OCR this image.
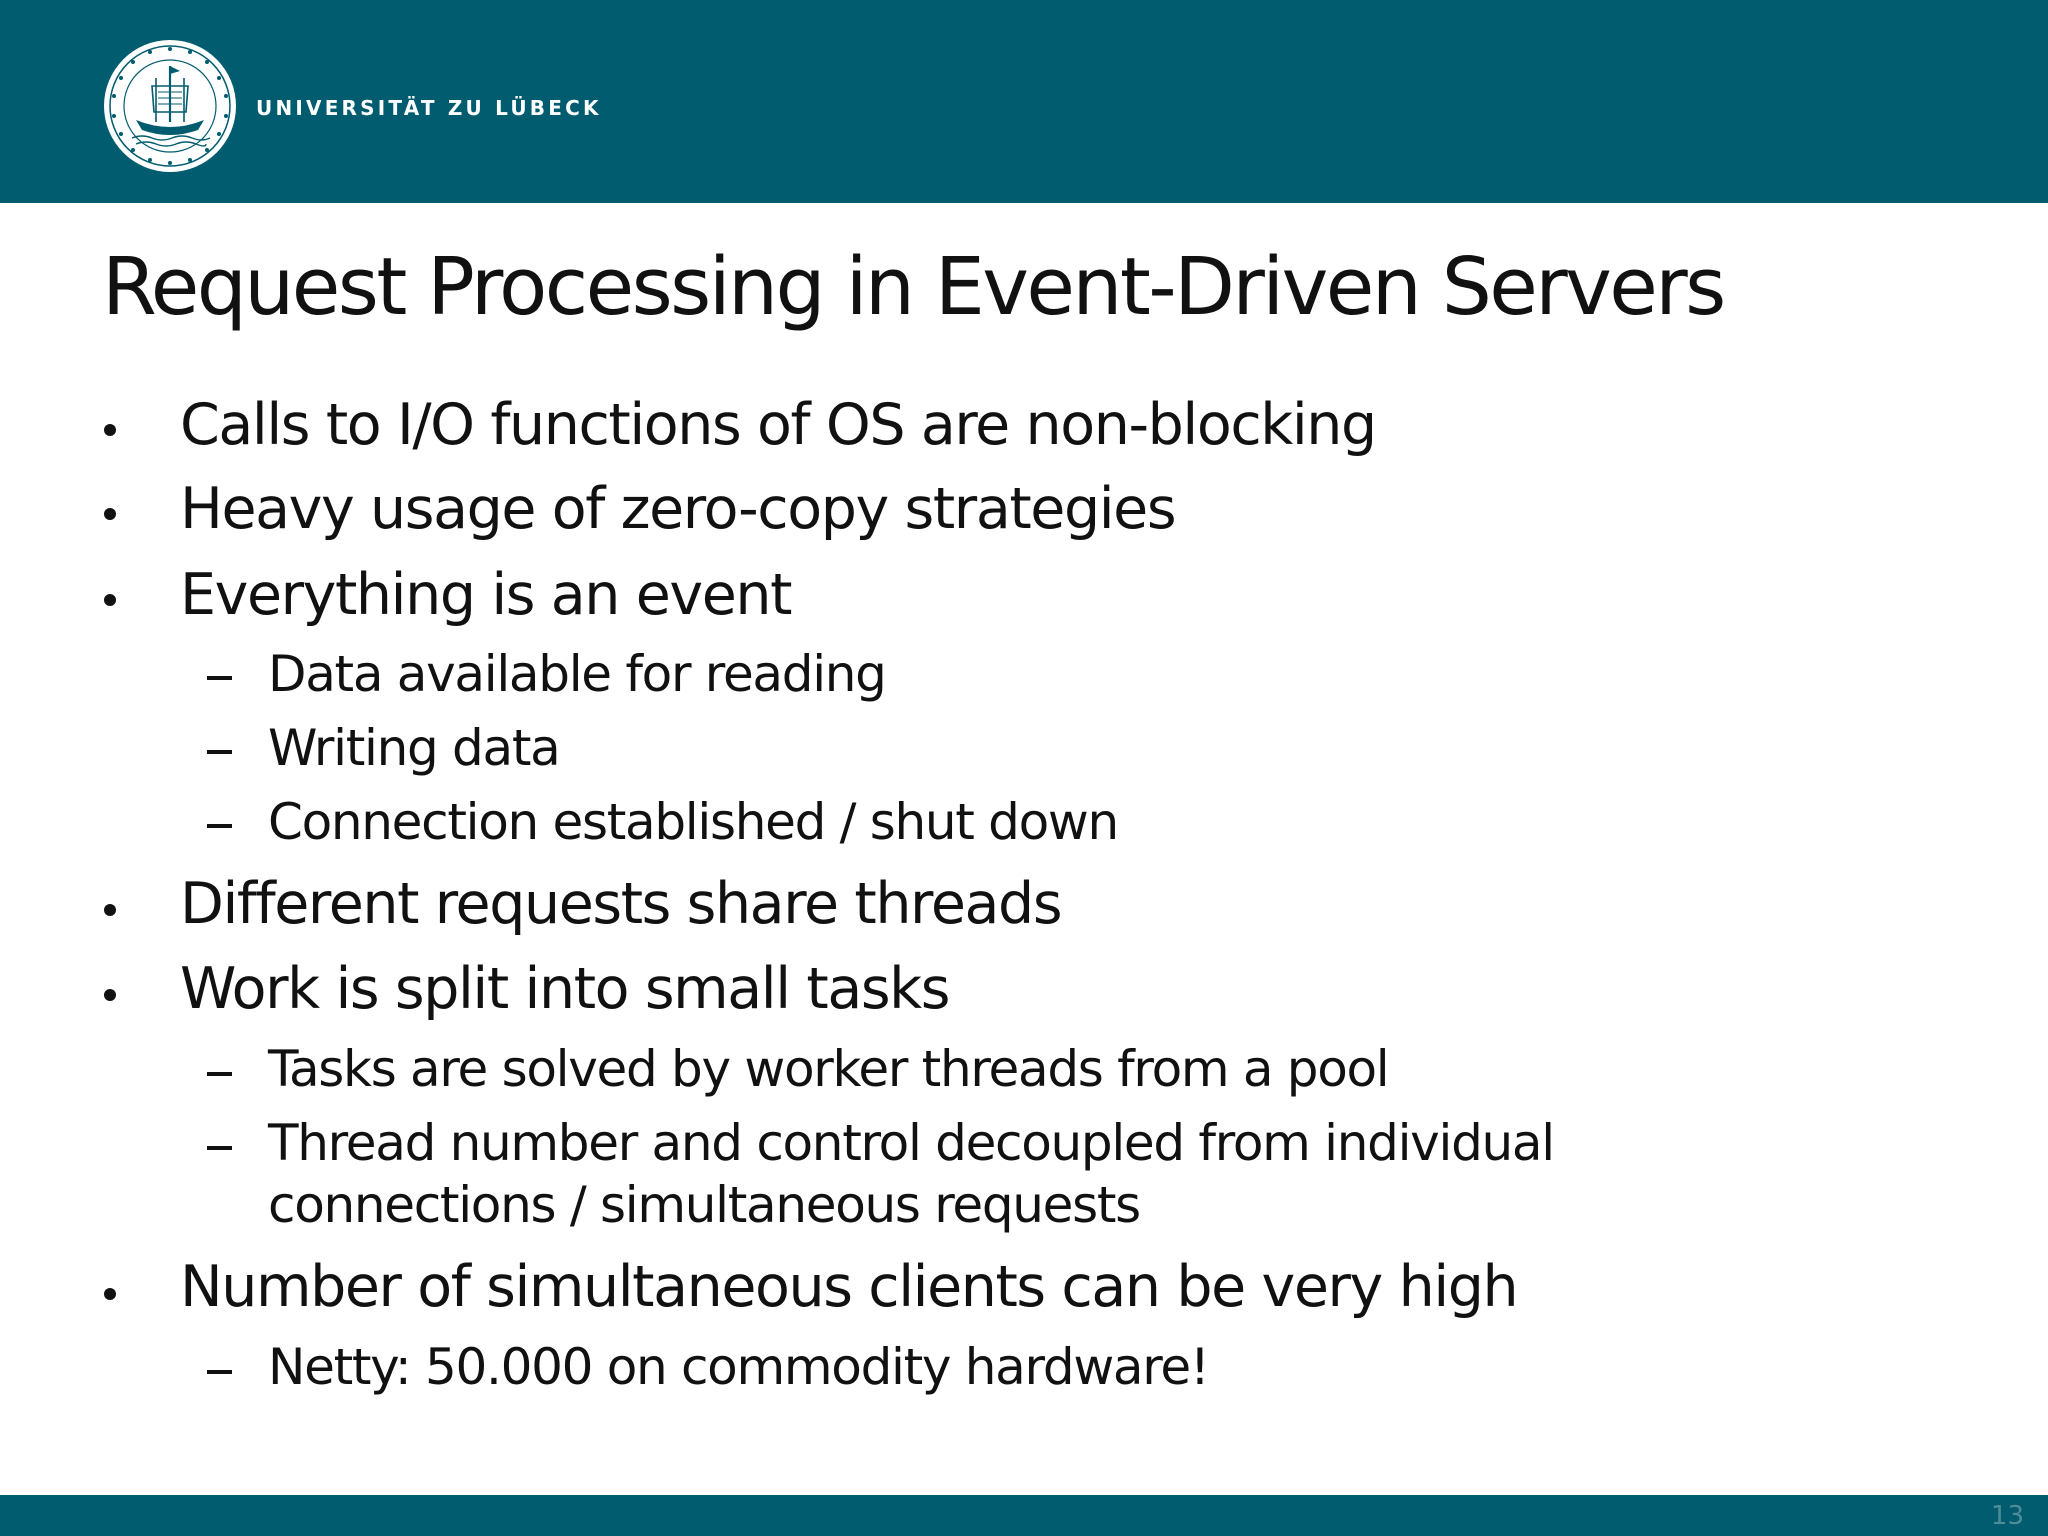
UNIVERSITÄT ZU LÜBECK
Request Processing in Event-Driven Servers
Calls to I/O functions of OS are non-blocking
Heavy usage of zero-copy strategies
Everything is an event
Data available for reading
Writing data
Connection established / shut down
Different requests share threads
Work is split into small tasks
Tasks are solved by worker threads from a pool
Thread number and control decoupled from individual
connections / simultaneous requests
Number of simultaneous clients can be very high
Netty: 50.000 on commodity hardware!
13
